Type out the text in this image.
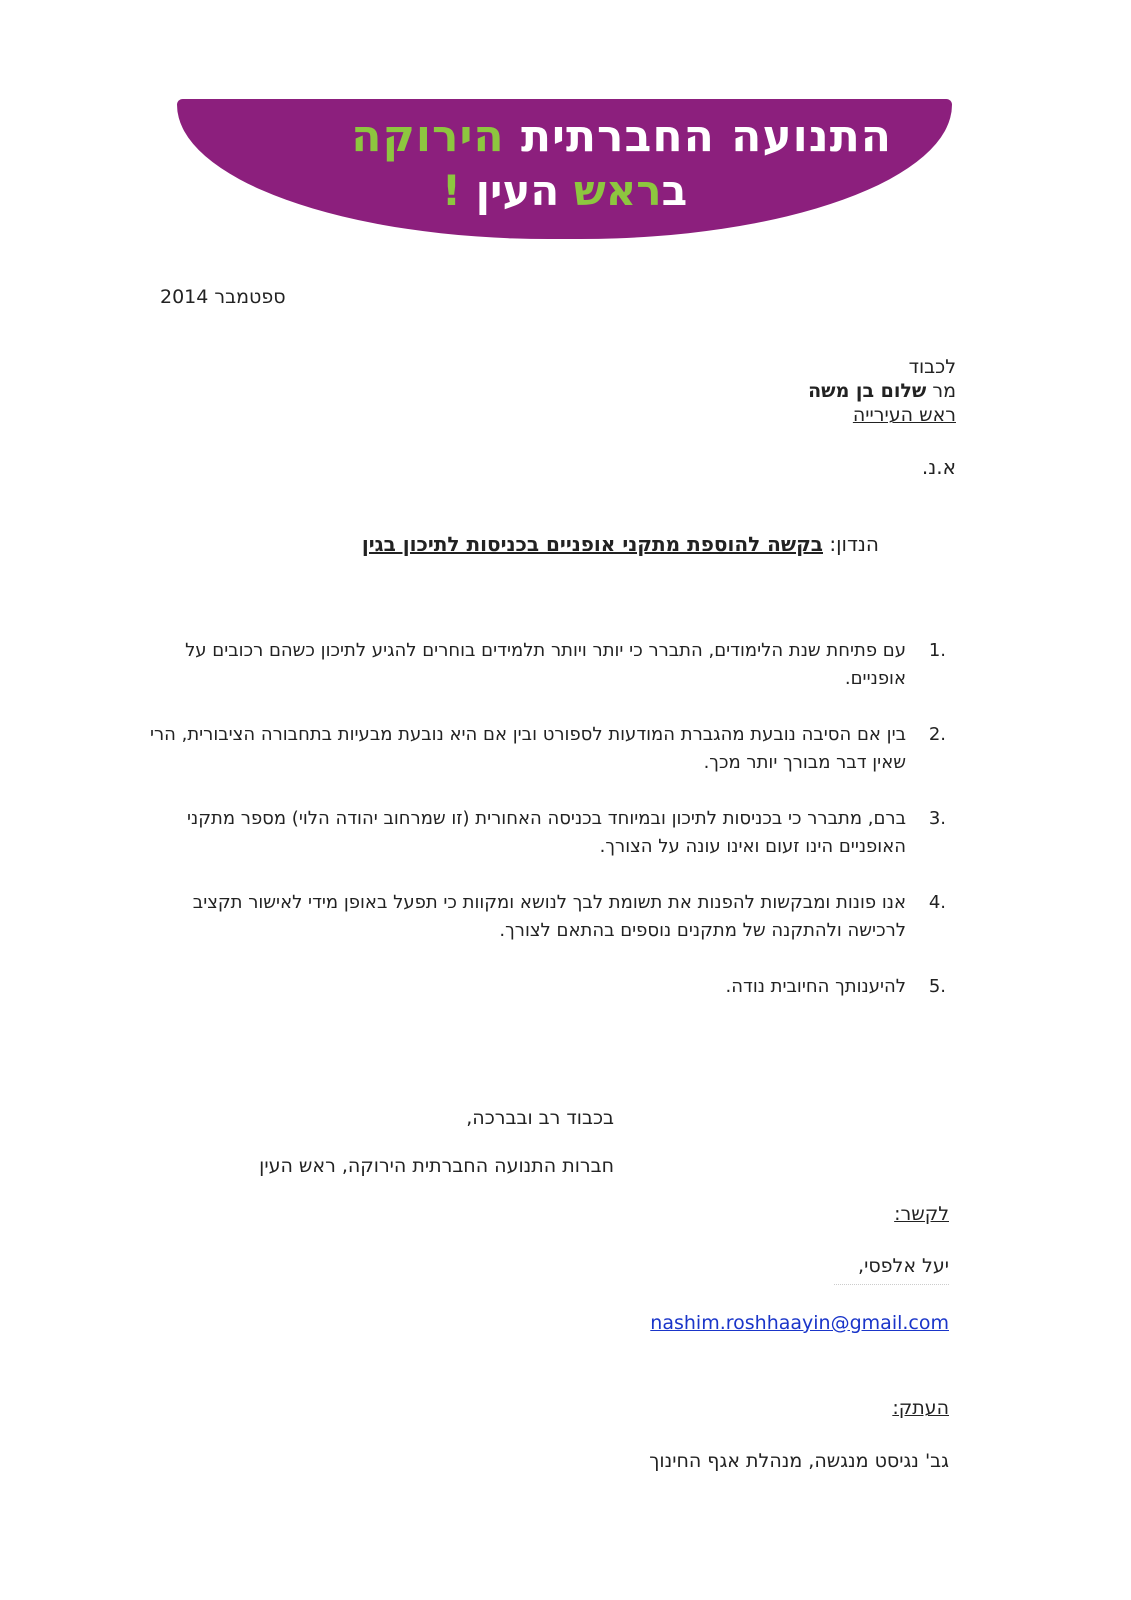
התנועה החברתית הירוקה
בראש העין !
ספטמבר 2014
לכבוד
מר שלום בן משה
ראש העירייה
א.נ.
הנדון: בקשה להוספת מתקני אופניים בכניסות לתיכון בגין
1.
עם פתיחת שנת הלימודים, התברר כי יותר ויותר תלמידים בוחרים להגיע לתיכון כשהם רכובים על אופניים.
2.
בין אם הסיבה נובעת מהגברת המודעות לספורט ובין אם היא נובעת מבעיות בתחבורה הציבורית, הרי שאין דבר מבורך יותר מכך.
3.
ברם, מתברר כי בכניסות לתיכון ובמיוחד בכניסה האחורית (זו שמרחוב יהודה הלוי) מספר מתקני האופניים הינו זעום ואינו עונה על הצורך.
4.
אנו פונות ומבקשות להפנות את תשומת לבך לנושא ומקוות כי תפעל באופן מידי לאישור תקציב לרכישה ולהתקנה של מתקנים נוספים בהתאם לצורך.
5.
להיענותך החיובית נודה.
בכבוד רב ובברכה,
חברות התנועה החברתית הירוקה, ראש העין
לקשר:
יעל אלפסי,
nashim.roshhaayin@gmail.com
העתק:
גב' נגיסט מנגשה, מנהלת אגף החינוך
